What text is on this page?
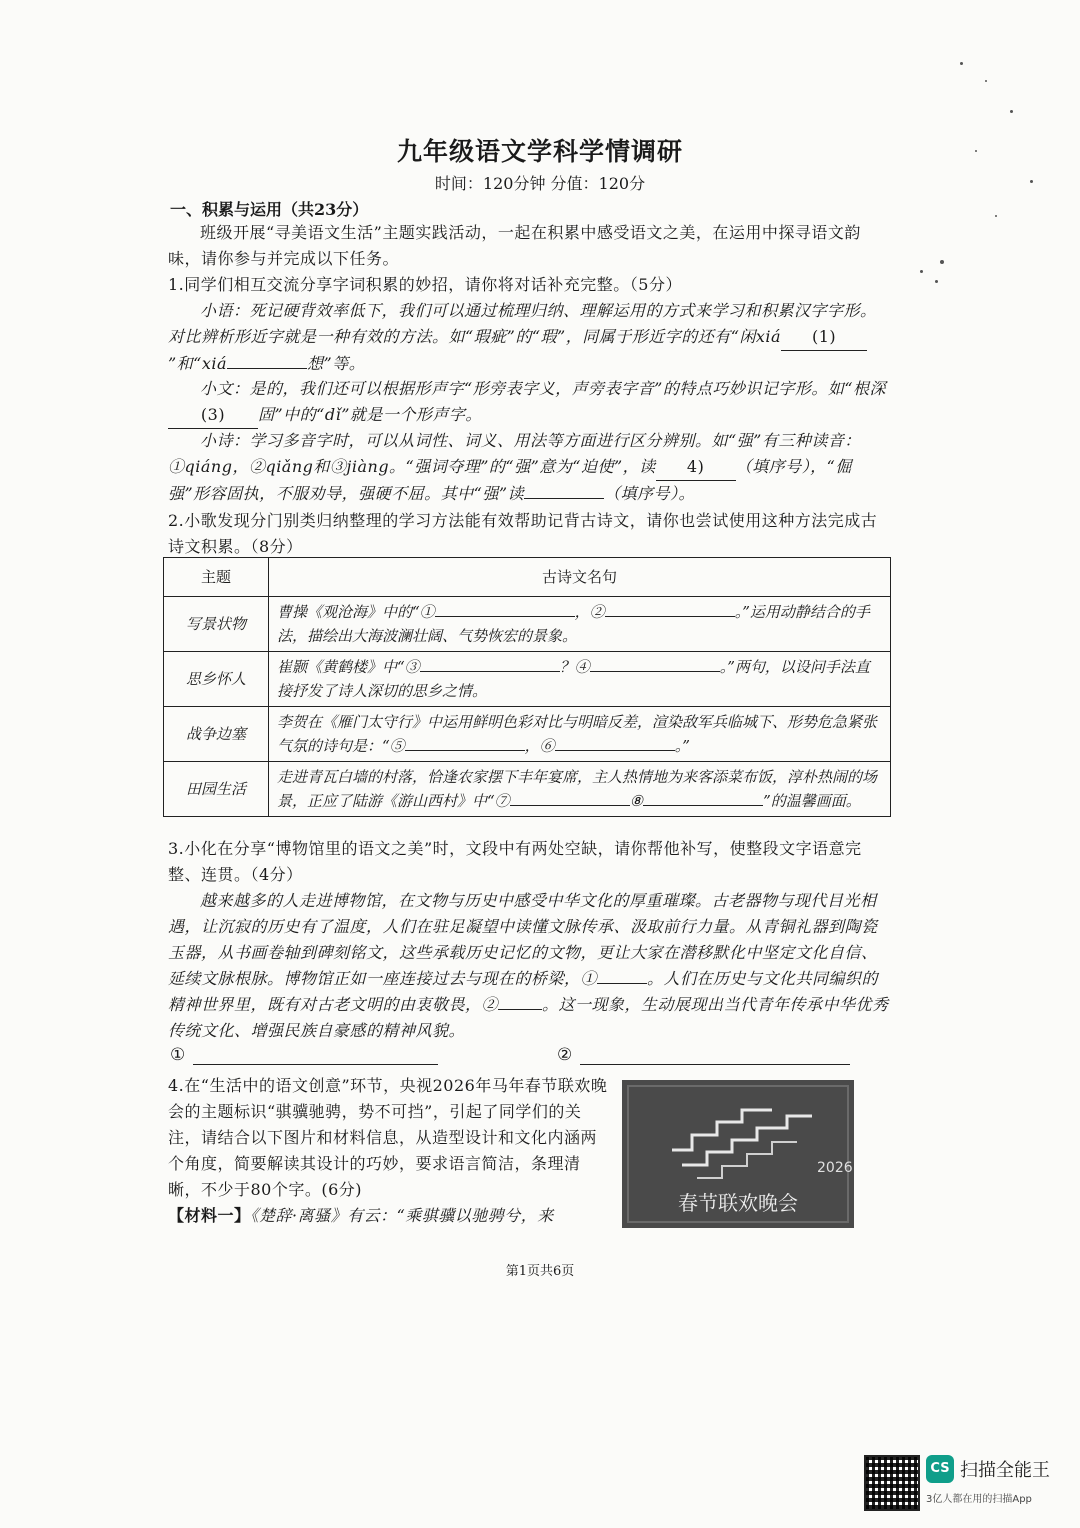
九年级语文学科学情调研
时间：120分钟 分值：120分
一、积累与运用（共23分）
班级开展“寻美语文生活”主题实践活动，一起在积累中感受语文之美，在运用中探寻语文韵味，请你参与并完成以下任务。
1.同学们相互交流分享字词积累的妙招，请你将对话补充完整。（5分）
小语：死记硬背效率低下，我们可以通过梳理归纳、理解运用的方式来学习和积累汉字字形。对比辨析形近字就是一种有效的方法。如“瑕疵”的“瑕”，同属于形近字的还有“闲xiá (1)”和“xiá	想”等。
小文：是的，我们还可以根据形声字“形旁表字义，声旁表字音”的特点巧妙识记字形。如“根深(3) 固”中的“dǐ”就是一个形声字。
小诗：学习多音字时，可以从词性、词义、用法等方面进行区分辨别。如“强”有三种读音：①qiáng，②qiǎng和③jiàng。“强词夺理”的“强”意为“迫使”，读 4) （填序号），“倔强”形容固执，不服劝导，强硬不屈。其中“强”读	（填序号）。
2.小歌发现分门别类归纳整理的学习方法能有效帮助记背古诗文，请你也尝试使用这种方法完成古诗文积累。（8分）
主题	古诗文名句
写景状物	曹操《观沧海》中的“① ，② 。”运用动静结合的手法，描绘出大海波澜壮阔、气势恢宏的景象。
思乡怀人	崔颢《黄鹤楼》中“③ ？④ 。”两句，以设问手法直接抒发了诗人深切的思乡之情。
战争边塞	李贺在《雁门太守行》中运用鲜明色彩对比与明暗反差，渲染敌军兵临城下、形势危急紧张气氛的诗句是：“⑤ ，⑥ 。”
田园生活	走进青瓦白墙的村落，恰逢农家摆下丰年宴席，主人热情地为来客添菜布饭，淳朴热闹的场景，正应了陆游《游山西村》中“⑦ ⑧ ”的温馨画面。
3.小化在分享“博物馆里的语文之美”时，文段中有两处空缺，请你帮他补写，使整段文字语意完整、连贯。（4分）
越来越多的人走进博物馆，在文物与历史中感受中华文化的厚重璀璨。古老器物与现代目光相遇，让沉寂的历史有了温度，人们在驻足凝望中读懂文脉传承、汲取前行力量。从青铜礼器到陶瓷玉器，从书画卷轴到碑刻铭文，这些承载历史记忆的文物，更让大家在潜移默化中坚定文化自信、延续文脉根脉。博物馆正如一座连接过去与现在的桥梁，①	。人们在历史与文化共同编织的精神世界里，既有对古老文明的由衷敬畏，②	。这一现象，生动展现出当代青年传承中华优秀传统文化、增强民族自豪感的精神风貌。
①	②
4.在“生活中的语文创意”环节，央视2026年马年春节联欢晚会的主题标识“骐骥驰骋，势不可挡”，引起了同学们的关注，请结合以下图片和材料信息，从造型设计和文化内涵两个角度，简要解读其设计的巧妙，要求语言简洁，条理清晰，不少于80个字。(6分)
【材料一】《楚辞·离骚》有云：“乘骐骥以驰骋兮，来
2026
春节联欢晚会
第1页共6页
CS 扫描全能王
3亿人都在用的扫描App
